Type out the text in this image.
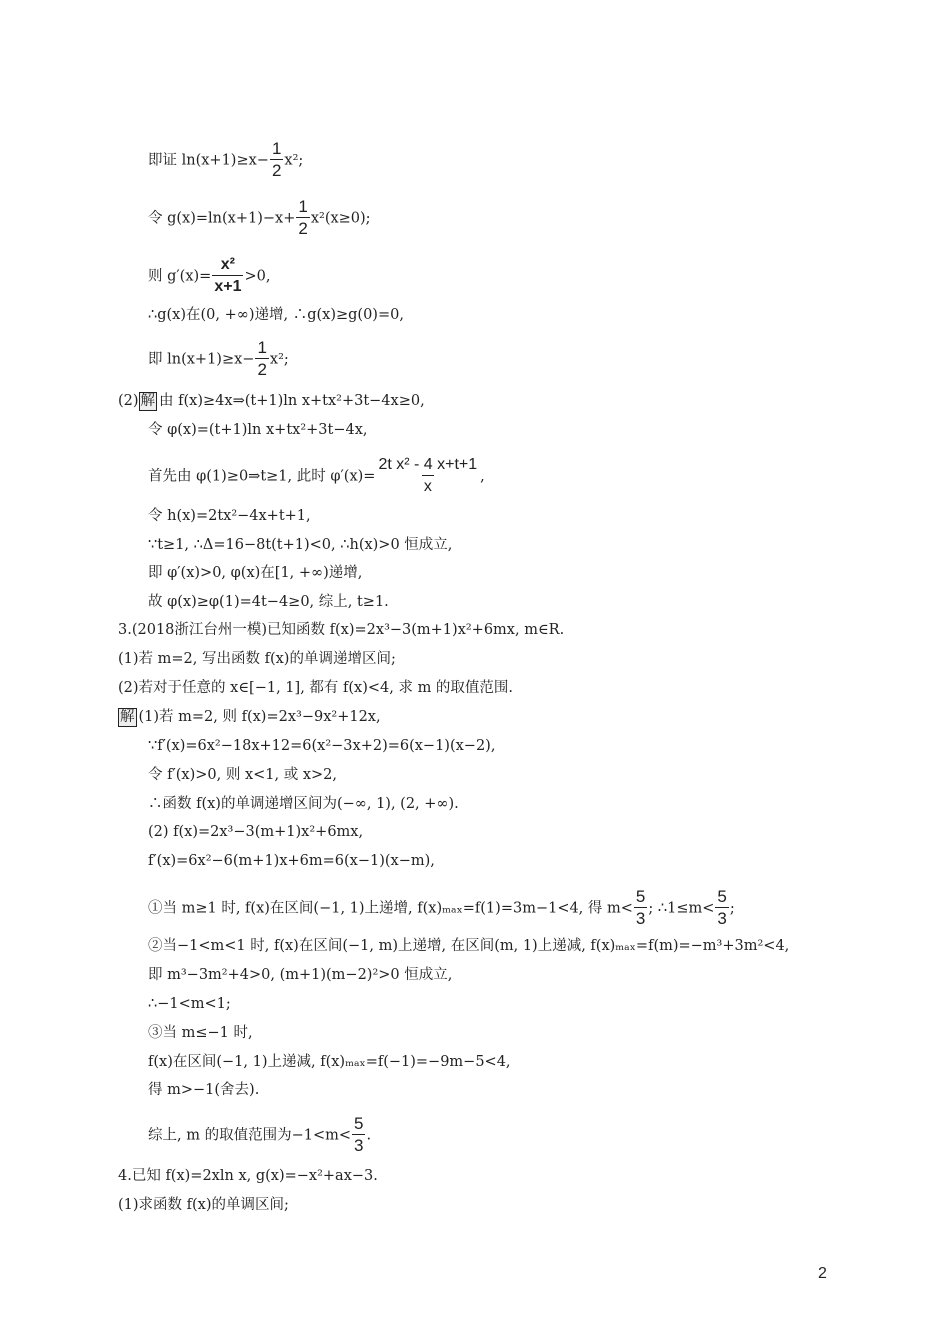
即证 $\ln(x+1)\ge x- \frac{1}{2} x^2$;
令 $g(x)=\ln(x+1)-x+ \frac{1}{2} x^2(x\ge 0)$;
则 $g'(x)= \frac{\text{x²}}{x+1} >0$,
∴g(x)在(0, +∞)递增, ∴g(x)≥g(0)=0,
即 $\ln(x+1)\ge x- \frac{1}{2} x^2$;
(2) 解 由 f(x)≥4x⇒(t+1)ln x+tx²+3t−4x≥0,
令 φ(x)=(t+1)ln x+tx²+3t−4x,
首先由 φ(1)≥0⇒t≥1, 此时 $\varphi'(x)= \frac{\text{2t x² - 4 x+t+1}}{x}$ ,
令 h(x)=2tx²−4x+t+1,
∵t≥1, ∴Δ=16−8t(t+1)<0, ∴h(x)>0 恒成立,
即 φ′(x)>0, φ(x)在[1, +∞)递增,
故 φ(x)≥φ(1)=4t−4≥0, 综上, t≥1.
3.(2018浙江台州一模)已知函数 f(x)=2x³−3(m+1)x²+6mx, m∈R.
(1)若 m=2, 写出函数 f(x)的单调递增区间;
(2)若对于任意的 x∈[−1, 1], 都有 f(x)<4, 求 m 的取值范围.
解 (1)若 m=2, 则 f(x)=2x³−9x²+12x,
∵f′(x)=6x²−18x+12=6(x²−3x+2)=6(x−1)(x−2),
令 f′(x)>0, 则 x<1, 或 x>2,
∴函数 f(x)的单调递增区间为(−∞, 1), (2, +∞).
(2) f(x)=2x³−3(m+1)x²+6mx,
f′(x)=6x²−6(m+1)x+6m=6(x−1)(x−m),
①当 m≥1 时, f(x)在区间(−1, 1)上递增, f(x)ₘₐₓ=f(1)=3m−1<4, 得 $m< \frac{5}{3}$ ; ∴1≤m< $\frac{5}{3}$ ;
②当−1<m<1 时, f(x)在区间(−1, m)上递增, 在区间(m, 1)上递减, f(x)ₘₐₓ=f(m)=−m³+3m²<4,
即 m³−3m²+4>0, (m+1)(m−2)²>0 恒成立,
∴−1<m<1;
③当 m≤−1 时,
f(x)在区间(−1, 1)上递减, f(x)ₘₐₓ=f(−1)=−9m−5<4,
得 m>−1(舍去).
综上, m 的取值范围为$-1<m< \frac{5}{3}$ .
4.已知 f(x)=2xln x, g(x)=−x²+ax−3.
(1)求函数 f(x)的单调区间;
2
